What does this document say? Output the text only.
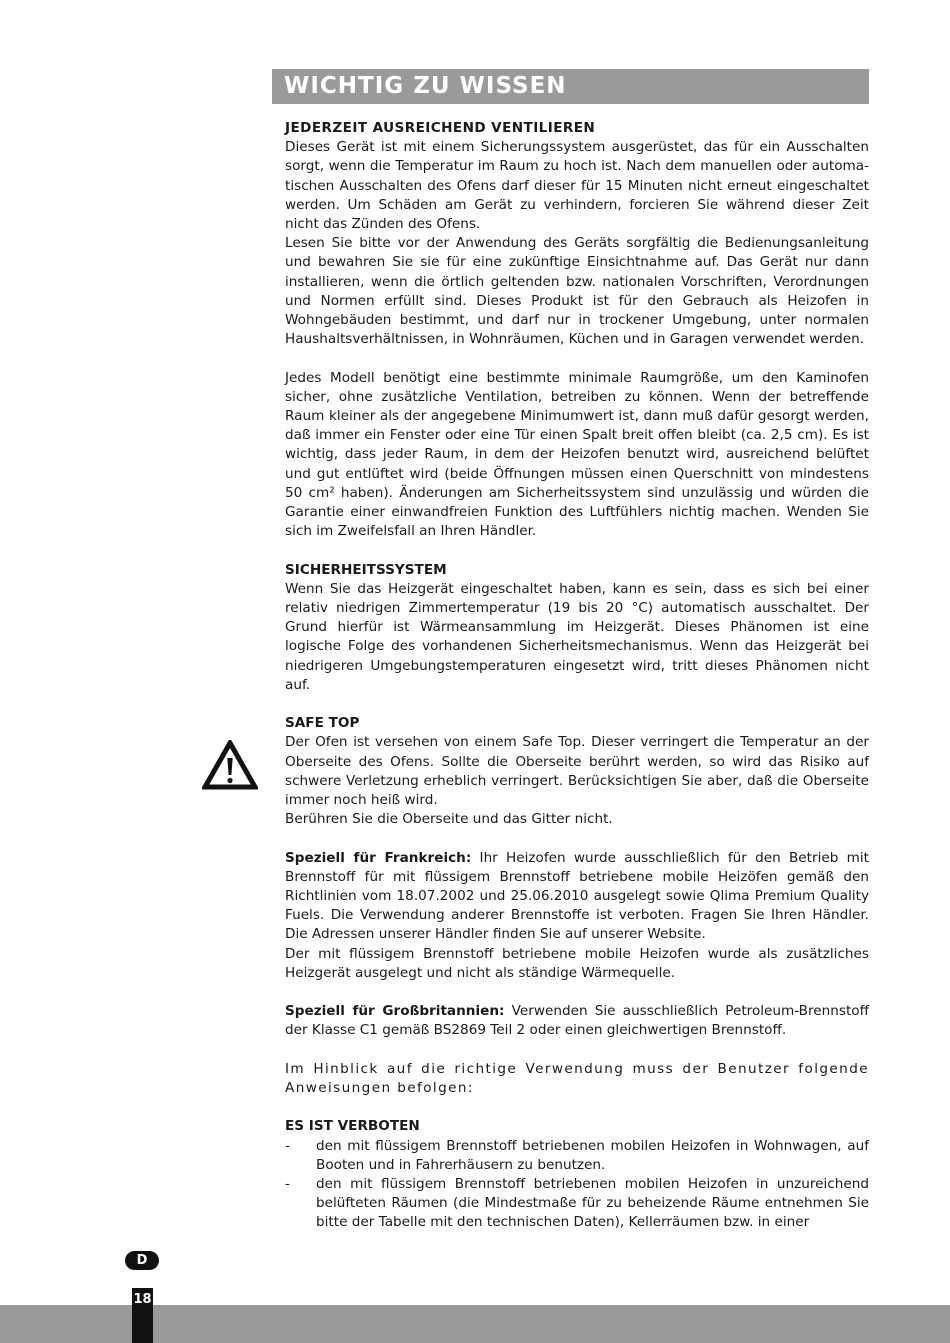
WICHTIG ZU WISSEN
JEDERZEIT AUSREICHEND VENTILIEREN

Dieses Gerät ist mit einem Sicherungssystem ausgerüstet, das für ein Ausschalten sorgt, wenn die Temperatur im Raum zu hoch ist. Nach dem manuellen oder automatischen Ausschalten des Ofens darf dieser für 15 Minuten nicht erneut eingeschaltet werden. Um Schäden am Gerät zu verhindern, forcieren Sie während dieser Zeit nicht das Zünden des Ofens.

Lesen Sie bitte vor der Anwendung des Geräts sorgfältig die Bedienungsanleitung und bewahren Sie sie für eine zukünftige Einsichtnahme auf. Das Gerät nur dann installieren, wenn die örtlich geltenden bzw. nationalen Vorschriften, Verordnungen und Normen erfüllt sind. Dieses Produkt ist für den Gebrauch als Heizofen in Wohngebäuden bestimmt, und darf nur in trockener Umgebung, unter normalen Haushaltsverhältnissen, in Wohnräumen, Küchen und in Garagen verwendet werden.

Jedes Modell benötigt eine bestimmte minimale Raumgröße, um den Kaminofen sicher, ohne zusätzliche Ventilation, betreiben zu können. Wenn der betreffende Raum kleiner als der angegebene Minimumwert ist, dann muß dafür gesorgt werden, daß immer ein Fenster oder eine Tür einen Spalt breit offen bleibt (ca. 2,5 cm). Es ist wichtig, dass jeder Raum, in dem der Heizofen benutzt wird, ausreichend belüftet und gut entlüftet wird (beide Öffnungen müssen einen Querschnitt von mindestens 50 cm² haben). Änderungen am Sicherheitssystem sind unzulässig und würden die Garantie einer einwandfreien Funktion des Luftfühlers nichtig machen. Wenden Sie sich im Zweifelsfall an Ihren Händler.

SICHERHEITSSYSTEM

Wenn Sie das Heizgerät eingeschaltet haben, kann es sein, dass es sich bei einer relativ niedrigen Zimmertemperatur (19 bis 20 °C) automatisch ausschaltet. Der Grund hierfür ist Wärmeansammlung im Heizgerät. Dieses Phänomen ist eine logische Folge des vorhandenen Sicherheitsmechanismus. Wenn das Heizgerät bei niedrigeren Umgebungstemperaturen eingesetzt wird, tritt dieses Phänomen nicht auf.

SAFE TOP

Der Ofen ist versehen von einem Safe Top. Dieser verringert die Temperatur an der Oberseite des Ofens. Sollte die Oberseite berührt werden, so wird das Risiko auf schwere Verletzung erheblich verringert. Berücksichtigen Sie aber, daß die Oberseite immer noch heiß wird.

Berühren Sie die Oberseite und das Gitter nicht.

Speziell für Frankreich: Ihr Heizofen wurde ausschließlich für den Betrieb mit Brennstoff für mit flüssigem Brennstoff betriebene mobile Heizöfen gemäß den Richtlinien vom 18.07.2002 und 25.06.2010 ausgelegt sowie Qlima Premium Quality Fuels. Die Verwendung anderer Brennstoffe ist verboten. Fragen Sie Ihren Händler. Die Adressen unserer Händler finden Sie auf unserer Website.

Der mit flüssigem Brennstoff betriebene mobile Heizofen wurde als zusätzliches Heizgerät ausgelegt und nicht als ständige Wärmequelle.

Speziell für Großbritannien: Verwenden Sie ausschließlich Petroleum-Brennstoff der Klasse C1 gemäß BS2869 Teil 2 oder einen gleichwertigen Brennstoff.

Im Hinblick auf die richtige Verwendung muss der Benutzer folgende Anweisungen befolgen:

ES IST VERBOTEN
- den mit flüssigem Brennstoff betriebenen mobilen Heizofen in Wohnwagen, auf Booten und in Fahrerhäusern zu benutzen.
- den mit flüssigem Brennstoff betriebenen mobilen Heizofen in unzureichend belüfteten Räumen (die Mindestmaße für zu beheizende Räume entnehmen Sie bitte der Tabelle mit den technischen Daten), Kellerräumen bzw. in einer
D
18
